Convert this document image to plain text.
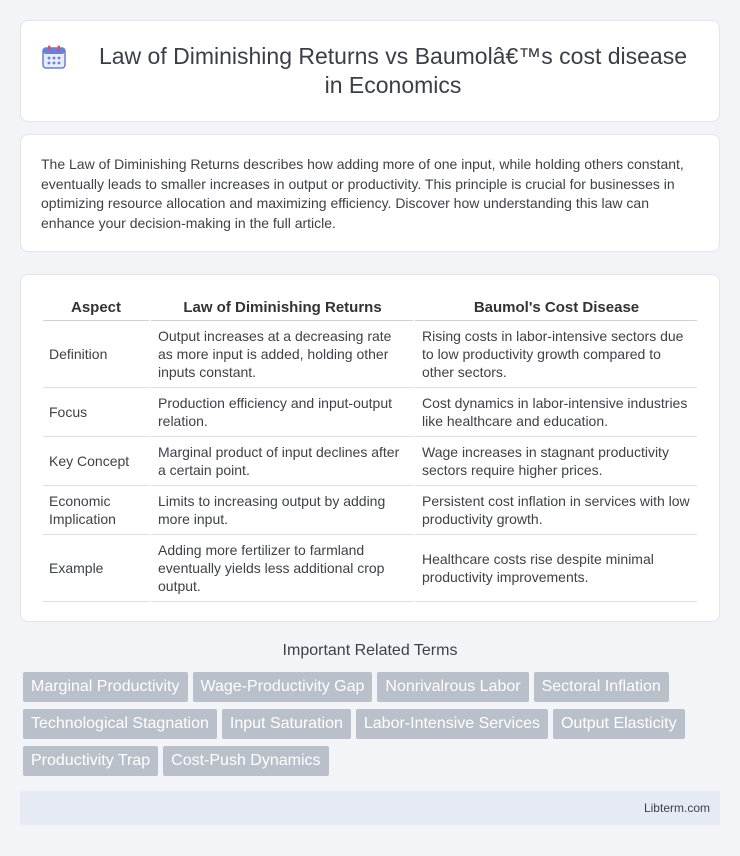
Law of Diminishing Returns vs Baumolâ€™s cost disease in Economics

The Law of Diminishing Returns describes how adding more of one input, while holding others constant, eventually leads to smaller increases in output or productivity. This principle is crucial for businesses in optimizing resource allocation and maximizing efficiency. Discover how understanding this law can enhance your decision-making in the full article.

Aspect	Law of Diminishing Returns	Baumol's Cost Disease
Definition	Output increases at a decreasing rate as more input is added, holding other inputs constant.	Rising costs in labor-intensive sectors due to low productivity growth compared to other sectors.
Focus	Production efficiency and input-output relation.	Cost dynamics in labor-intensive industries like healthcare and education.
Key Concept	Marginal product of input declines after a certain point.	Wage increases in stagnant productivity sectors require higher prices.
Economic Implication	Limits to increasing output by adding more input.	Persistent cost inflation in services with low productivity growth.
Example	Adding more fertilizer to farmland eventually yields less additional crop output.	Healthcare costs rise despite minimal productivity improvements.
Important Related Terms
Marginal Productivity	Wage-Productivity Gap	Nonrivalrous Labor	Sectoral Inflation
Technological Stagnation	Input Saturation	Labor-Intensive Services	Output Elasticity
Productivity Trap	Cost-Push Dynamics
Libterm.com
